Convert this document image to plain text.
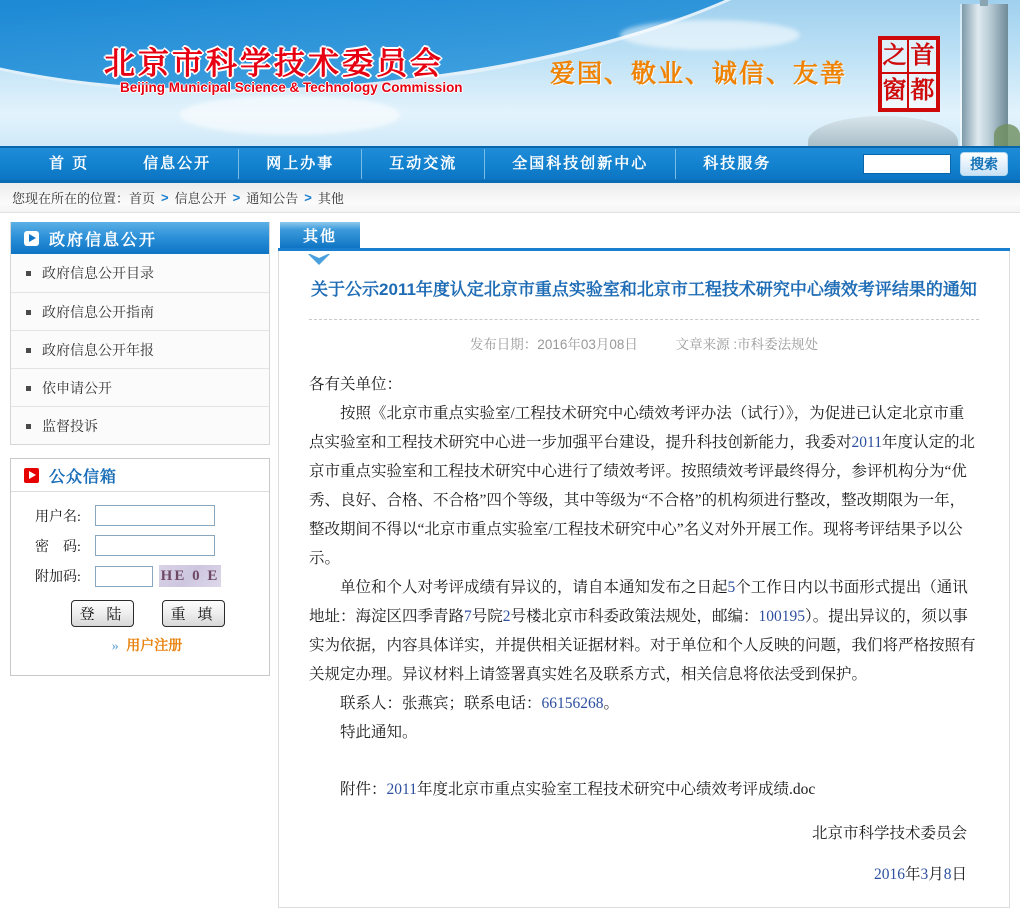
北京市科学技术委员会
Beijing Municipal Science & Technology Commission	爱国、敬业、诚信、友善
之 首
窗 都
首 页	信息公开	网上办事	互动交流	全国科技创新中心	科技服务	搜索
您现在所在的位置： 首页 > 信息公开 > 通知公告 > 其他
政府信息公开
政府信息公开目录
政府信息公开指南
政府信息公开年报
依申请公开
监督投诉
公众信箱
用户名:
密　码:
附加码:	HE 0 E
登 陆	重 填
» 用户注册
其他
关于公示2011年度认定北京市重点实验室和北京市工程技术研究中心绩效考评结果的通知
发布日期：2016年03月08日	文章来源 :市科委法规处

各有关单位：

按照《北京市重点实验室/工程技术研究中心绩效考评办法（试行）》，为促进已认定北京市重点实验室和工程技术研究中心进一步加强平台建设，提升科技创新能力，我委对2011年度认定的北京市重点实验室和工程技术研究中心进行了绩效考评。按照绩效考评最终得分，参评机构分为“优秀、良好、合格、不合格”四个等级，其中等级为“不合格”的机构须进行整改，整改期限为一年，整改期间不得以“北京市重点实验室/工程技术研究中心”名义对外开展工作。现将考评结果予以公示。

单位和个人对考评成绩有异议的，请自本通知发布之日起5个工作日内以书面形式提出（通讯地址：海淀区四季青路7号院2号楼北京市科委政策法规处，邮编：100195）。提出异议的，须以事实为依据，内容具体详实，并提供相关证据材料。对于单位和个人反映的问题，我们将严格按照有关规定办理。异议材料上请签署真实姓名及联系方式，相关信息将依法受到保护。

联系人：张燕宾；联系电话：66156268。

特此通知。

附件：2011年度北京市重点实验室工程技术研究中心绩效考评成绩.doc

北京市科学技术委员会

2016年3月8日
